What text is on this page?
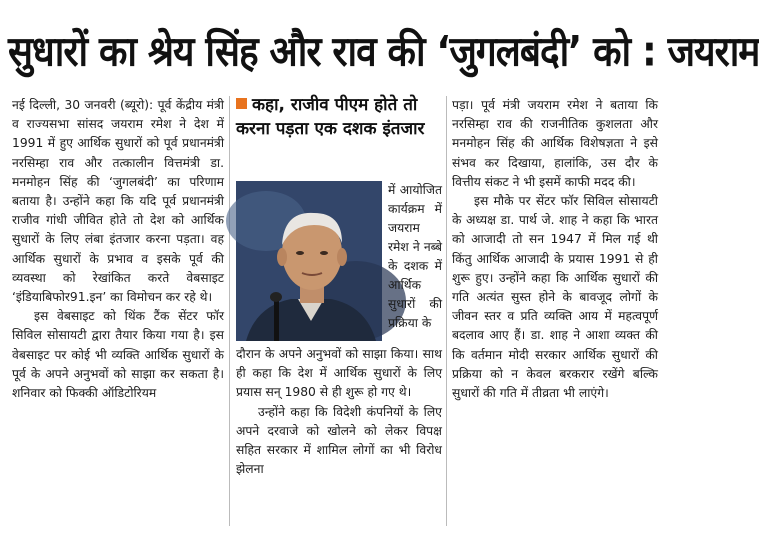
सुधारों का श्रेय सिंह और राव की ‘जुगलबंदी’ को : जयराम

नई दिल्ली, 30 जनवरी (ब्यूरो): पूर्व केंद्रीय मंत्री व राज्यसभा सांसद जयराम रमेश ने देश में 1991 में हुए आर्थिक सुधारों को पूर्व प्रधानमंत्री नरसिम्हा राव और तत्कालीन वित्तमंत्री डा. मनमोहन सिंह की ‘जुगलबंदी’ का परिणाम बताया है। उन्होंने कहा कि यदि पूर्व प्रधानमंत्री राजीव गांधी जीवित होते तो देश को आर्थिक सुधारों के लिए लंबा इंतजार करना पड़ता। वह आर्थिक सुधारों के प्रभाव व इसके पूर्व की व्यवस्था को रेखांकित करते वेबसाइट ‘इंडियाबिफोर91.इन’ का विमोचन कर रहे थे।

इस वेबसाइट को थिंक टैंक सेंटर फॉर सिविल सोसायटी द्वारा तैयार किया गया है। इस वेबसाइट पर कोई भी व्यक्ति आर्थिक सुधारों के पूर्व के अपने अनुभवों को साझा कर सकता है। शनिवार को फिक्की ऑडिटोरियम

कहा, राजीव पीएम होते तो करना पड़ता एक दशक इंतजार

में आयोजित कार्यक्रम में जयराम रमेश ने नब्बे के दशक में आर्थिक सुधारों की प्रक्रिया के

दौरान के अपने अनुभवों को साझा किया। साथ ही कहा कि देश में आर्थिक सुधारों के लिए प्रयास सन् 1980 से ही शुरू हो गए थे।

उन्होंने कहा कि विदेशी कंपनियों के लिए अपने दरवाजे को खोलने को लेकर विपक्ष सहित सरकार में शामिल लोगों का भी विरोध झेलना

पड़ा। पूर्व मंत्री जयराम रमेश ने बताया कि नरसिम्हा राव की राजनीतिक कुशलता और मनमोहन सिंह की आर्थिक विशेषज्ञता ने इसे संभव कर दिखाया, हालांकि, उस दौर के वित्तीय संकट ने भी इसमें काफी मदद की।

इस मौके पर सेंटर फॉर सिविल सोसायटी के अध्यक्ष डा. पार्थ जे. शाह ने कहा कि भारत को आजादी तो सन 1947 में मिल गई थी किंतु आर्थिक आजादी के प्रयास 1991 से ही शुरू हुए। उन्होंने कहा कि आर्थिक सुधारों की गति अत्यंत सुस्त होने के बावजूद लोगों के जीवन स्तर व प्रति व्यक्ति आय में महत्वपूर्ण बदलाव आए हैं। डा. शाह ने आशा व्यक्त की कि वर्तमान मोदी सरकार आर्थिक सुधारों की प्रक्रिया को न केवल बरकरार रखेंगे बल्कि सुधारों की गति में तीव्रता भी लाएंगे।
